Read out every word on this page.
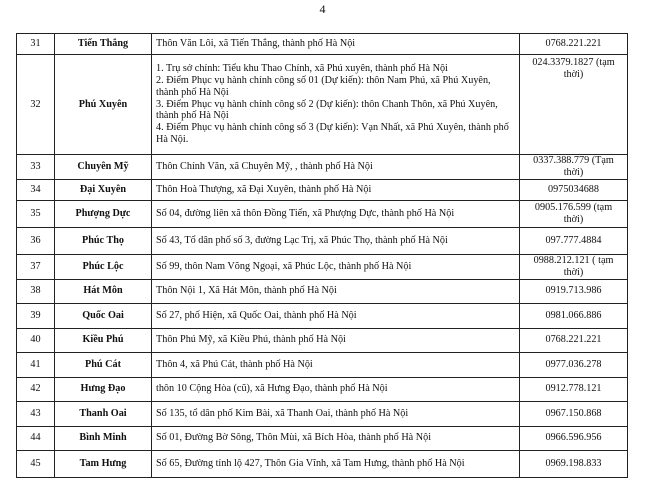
4
31	Tiến Thắng	Thôn Văn Lôi, xã Tiến Thắng, thành phố Hà Nội	0768.221.221
32	Phú Xuyên	1. Trụ sở chính: Tiểu khu Thao Chính, xã Phú xuyên, thành phố Hà Nội
2. Điểm Phục vụ hành chính công số 01 (Dự kiến): thôn Nam Phú, xã Phú Xuyên, thành phố Hà Nội
3. Điểm Phục vụ hành chính công số 2 (Dự kiến): thôn Chanh Thôn, xã Phú Xuyên, thành phố Hà Nội
4. Điểm Phục vụ hành chính công số 3 (Dự kiến): Vạn Nhất, xã Phú Xuyên, thành phố Hà Nội.	024.3379.1827 (tạm thời)
33	Chuyên Mỹ	Thôn Chính Văn, xã Chuyên Mỹ, , thành phố Hà Nội	0337.388.779 (Tạm thời)
34	Đại Xuyên	Thôn Hoà Thượng, xã Đại Xuyên, thành phố Hà Nội	0975034688
35	Phượng Dực	Số 04, đường liên xã thôn Đồng Tiến, xã Phượng Dực, thành phố Hà Nội	0905.176.599 (tạm thời)
36	Phúc Thọ	Số 43, Tổ dân phố số 3, đường Lạc Trị, xã Phúc Thọ, thành phố Hà Nội	097.777.4884
37	Phúc Lộc	Số 99, thôn Nam Võng Ngoại, xã Phúc Lộc, thành phố Hà Nội	0988.212.121 ( tạm thời)
38	Hát Môn	Thôn Nội 1, Xã Hát Môn, thành phố Hà Nội	0919.713.986
39	Quốc Oai	Số 27, phố Hiện, xã Quốc Oai, thành phố Hà Nội	0981.066.886
40	Kiều Phú	Thôn Phú Mỹ, xã Kiều Phú, thành phố Hà Nội	0768.221.221
41	Phú Cát	Thôn 4, xã Phú Cát, thành phố Hà Nội	0977.036.278
42	Hưng Đạo	thôn 10 Cộng Hòa (cũ), xã Hưng Đạo, thành phố Hà Nội	0912.778.121
43	Thanh Oai	Số 135, tổ dân phố Kim Bài, xã Thanh Oai, thành phố Hà Nội	0967.150.868
44	Bình Minh	Số 01, Đường Bờ Sông, Thôn Mùi, xã Bích Hòa, thành phố Hà Nội	0966.596.956
45	Tam Hưng	Số 65, Đường tỉnh lộ 427, Thôn Gia Vĩnh, xã Tam Hưng, thành phố Hà Nội	0969.198.833
